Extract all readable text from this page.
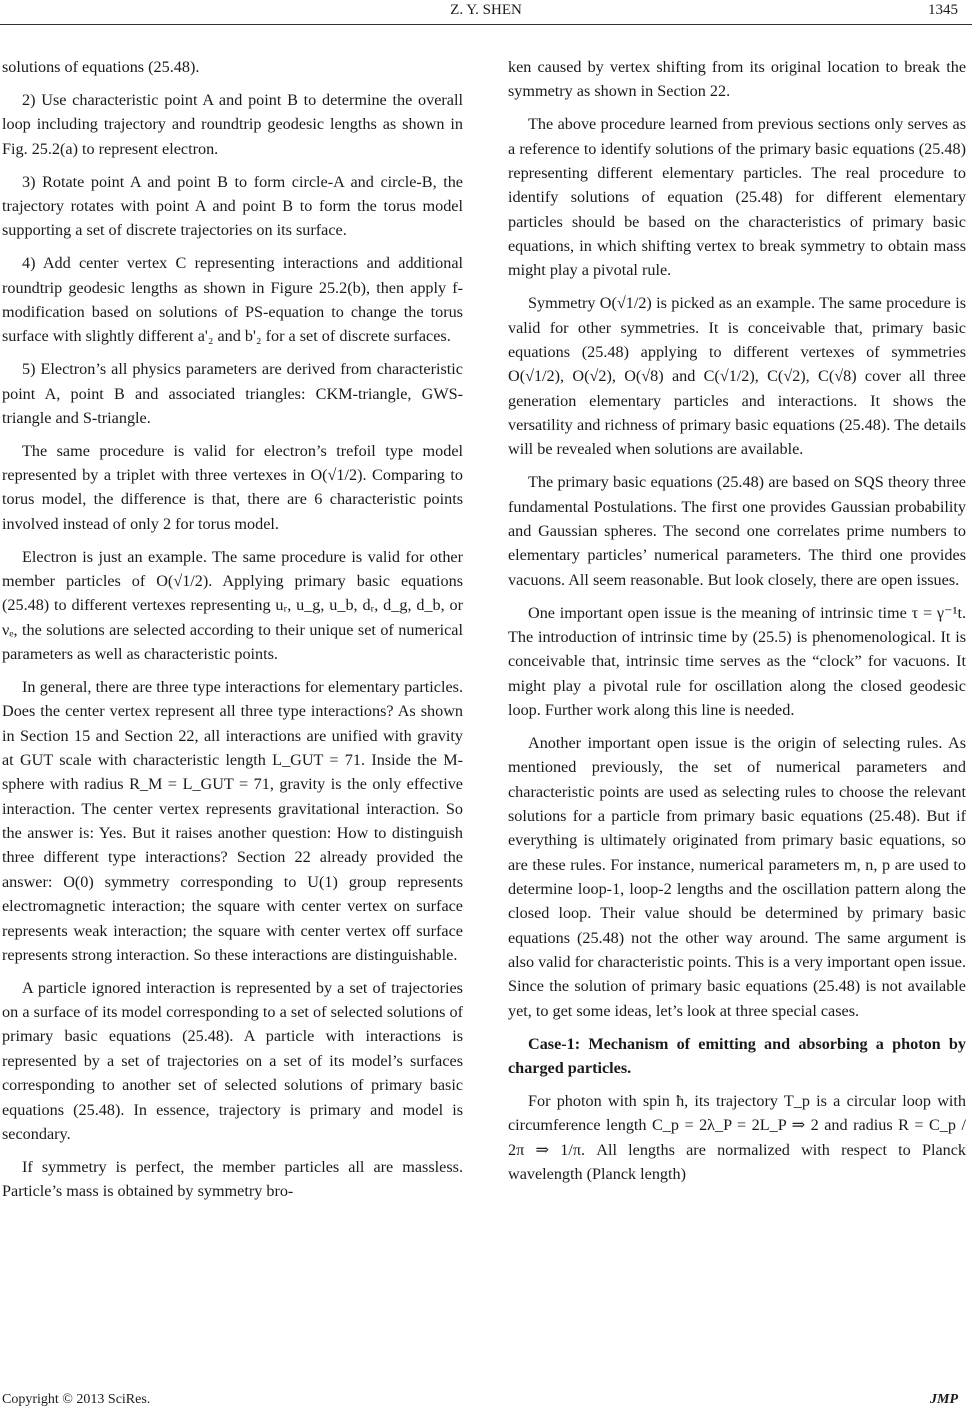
Z. Y. SHEN	1345

solutions of equations (25.48).

2) Use characteristic point A and point B to determine the overall loop including trajectory and roundtrip geodesic lengths as shown in Fig. 25.2(a) to represent electron.

3) Rotate point A and point B to form circle-A and circle-B, the trajectory rotates with point A and point B to form the torus model supporting a set of discrete trajectories on its surface.

4) Add center vertex C representing interactions and additional roundtrip geodesic lengths as shown in Figure 25.2(b), then apply f-modification based on solutions of PS-equation to change the torus surface with slightly different a'₂ and b'₂ for a set of discrete surfaces.

5) Electron’s all physics parameters are derived from characteristic point A, point B and associated triangles: CKM-triangle, GWS-triangle and S-triangle.

The same procedure is valid for electron’s trefoil type model represented by a triplet with three vertexes in O(√1/2). Comparing to torus model, the difference is that, there are 6 characteristic points involved instead of only 2 for torus model.

Electron is just an example. The same procedure is valid for other member particles of O(√1/2). Applying primary basic equations (25.48) to different vertexes representing uᵣ, u_g, u_b, dᵣ, d_g, d_b, or νₑ, the solutions are selected according to their unique set of numerical parameters as well as characteristic points.

In general, there are three type interactions for elementary particles. Does the center vertex represent all three type interactions? As shown in Section 15 and Section 22, all interactions are unified with gravity at GUT scale with characteristic length L_GUT = 71. Inside the M-sphere with radius R_M = L_GUT = 71, gravity is the only effective interaction. The center vertex represents gravitational interaction. So the answer is: Yes. But it raises another question: How to distinguish three different type interactions? Section 22 already provided the answer: O(0) symmetry corresponding to U(1) group represents electromagnetic interaction; the square with center vertex on surface represents weak interaction; the square with center vertex off surface represents strong interaction. So these interactions are distinguishable.

A particle ignored interaction is represented by a set of trajectories on a surface of its model corresponding to a set of selected solutions of primary basic equations (25.48). A particle with interactions is represented by a set of trajectories on a set of its model’s surfaces corresponding to another set of selected solutions of primary basic equations (25.48). In essence, trajectory is primary and model is secondary.

If symmetry is perfect, the member particles all are massless. Particle’s mass is obtained by symmetry bro-

ken caused by vertex shifting from its original location to break the symmetry as shown in Section 22.

The above procedure learned from previous sections only serves as a reference to identify solutions of the primary basic equations (25.48) representing different elementary particles. The real procedure to identify solutions of equation (25.48) for different elementary particles should be based on the characteristics of primary basic equations, in which shifting vertex to break symmetry to obtain mass might play a pivotal rule.

Symmetry O(√1/2) is picked as an example. The same procedure is valid for other symmetries. It is conceivable that, primary basic equations (25.48) applying to different vertexes of symmetries O(√1/2), O(√2), O(√8) and C(√1/2), C(√2), C(√8) cover all three generation elementary particles and interactions. It shows the versatility and richness of primary basic equations (25.48). The details will be revealed when solutions are available.

The primary basic equations (25.48) are based on SQS theory three fundamental Postulations. The first one provides Gaussian probability and Gaussian spheres. The second one correlates prime numbers to elementary particles’ numerical parameters. The third one provides vacuons. All seem reasonable. But look closely, there are open issues.

One important open issue is the meaning of intrinsic time τ = γ⁻¹t. The introduction of intrinsic time by (25.5) is phenomenological. It is conceivable that, intrinsic time serves as the “clock” for vacuons. It might play a pivotal rule for oscillation along the closed geodesic loop. Further work along this line is needed.

Another important open issue is the origin of selecting rules. As mentioned previously, the set of numerical parameters and characteristic points are used as selecting rules to choose the relevant solutions for a particle from primary basic equations (25.48). But if everything is ultimately originated from primary basic equations, so are these rules. For instance, numerical parameters m, n, p are used to determine loop-1, loop-2 lengths and the oscillation pattern along the closed loop. Their value should be determined by primary basic equations (25.48) not the other way around. The same argument is also valid for characteristic points. This is a very important open issue. Since the solution of primary basic equations (25.48) is not available yet, to get some ideas, let’s look at three special cases.

Case-1: Mechanism of emitting and absorbing a photon by charged particles.

For photon with spin ħ, its trajectory T_p is a circular loop with circumference length C_p = 2λ_P = 2L_P ⇒ 2 and radius R = C_p / 2π ⇒ 1/π. All lengths are normalized with respect to Planck wavelength (Planck length)

Copyright © 2013 SciRes.	JMP
